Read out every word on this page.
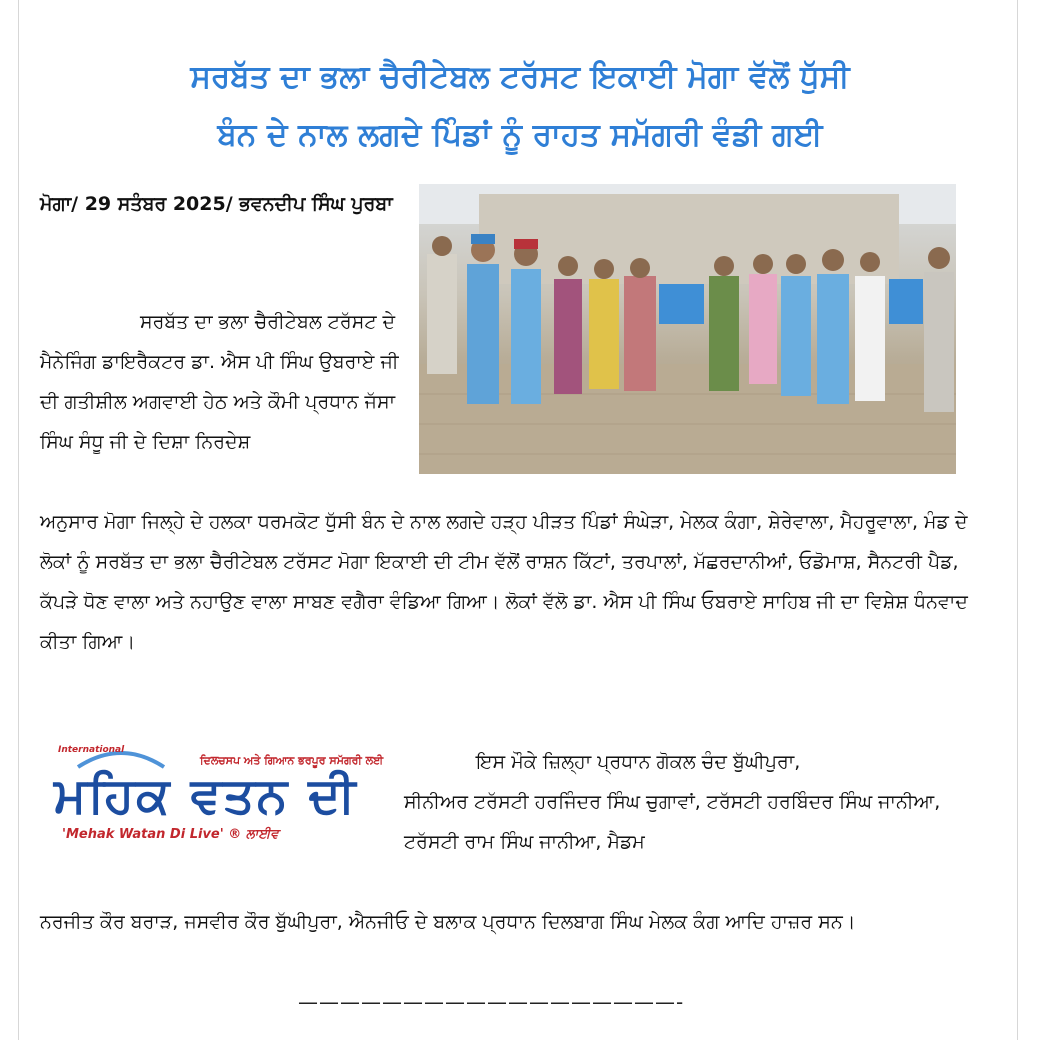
ਸਰਬੱਤ ਦਾ ਭਲਾ ਚੈਰੀਟੇਬਲ ਟਰੱਸਟ ਇਕਾਈ ਮੋਗਾ ਵੱਲੋਂ ਧੁੱਸੀ
ਬੰਨ ਦੇ ਨਾਲ ਲਗਦੇ ਪਿੰਡਾਂ ਨੂੰ ਰਾਹਤ ਸਮੱਗਰੀ ਵੰਡੀ ਗਈ
ਮੋਗਾ/ 29 ਸਤੰਬਰ 2025/ ਭਵਨਦੀਪ ਸਿੰਘ ਪੁਰਬਾ
ਸਰਬੱਤ ਦਾ ਭਲਾ ਚੈਰੀਟੇਬਲ ਟਰੱਸਟ ਦੇ ਮੈਨੇਜਿੰਗ ਡਾਇਰੈਕਟਰ ਡਾ. ਐਸ ਪੀ ਸਿੰਘ ਉਬਰਾਏ ਜੀ ਦੀ ਗਤੀਸ਼ੀਲ ਅਗਵਾਈ ਹੇਠ ਅਤੇ ਕੌਮੀ ਪ੍ਰਧਾਨ ਜੱਸਾ ਸਿੰਘ ਸੰਧੂ ਜੀ ਦੇ ਦਿਸ਼ਾ ਨਿਰਦੇਸ਼
ਅਨੁਸਾਰ ਮੋਗਾ ਜਿਲ੍ਹੇ ਦੇ ਹਲਕਾ ਧਰਮਕੋਟ ਧੁੱਸੀ ਬੰਨ ਦੇ ਨਾਲ ਲਗਦੇ ਹੜ੍ਹ ਪੀੜਤ ਪਿੰਡਾਂ ਸੰਘੇੜਾ, ਮੇਲਕ ਕੰਗਾ, ਸ਼ੇਰੇਵਾਲਾ, ਮੈਹਰੂਵਾਲਾ, ਮੰਡ ਦੇ ਲੋਕਾਂ ਨੂੰ ਸਰਬੱਤ ਦਾ ਭਲਾ ਚੈਰੀਟੇਬਲ ਟਰੱਸਟ ਮੋਗਾ ਇਕਾਈ ਦੀ ਟੀਮ ਵੱਲੋਂ ਰਾਸ਼ਨ ਕਿੱਟਾਂ, ਤਰਪਾਲਾਂ, ਮੱਛਰਦਾਨੀਆਂ, ਓਡੋਮਾਸ਼, ਸੈਨਟਰੀ ਪੈਡ, ਕੱਪੜੇ ਧੋਣ ਵਾਲਾ ਅਤੇ ਨਹਾਉਣ ਵਾਲਾ ਸਾਬਣ ਵਗੈਰਾ ਵੰਡਿਆ ਗਿਆ। ਲੋਕਾਂ ਵੱਲੋ ਡਾ. ਐਸ ਪੀ ਸਿੰਘ ਓਬਰਾਏ ਸਾਹਿਬ ਜੀ ਦਾ ਵਿਸ਼ੇਸ਼ ਧੰਨਵਾਦ ਕੀਤਾ ਗਿਆ।
International
ਦਿਲਚਸਪ ਅਤੇ ਗਿਆਨ ਭਰਪੂਰ ਸਮੱਗਰੀ ਲਈ
ਮਹਿਕ ਵਤਨ ਦੀ
'Mehak Watan Di Live' ® ਲਾਈਵ
ਇਸ ਮੌਕੇ ਜ਼ਿਲ੍ਹਾ ਪ੍ਰਧਾਨ ਗੋਕਲ ਚੰਦ ਬੁੱਘੀਪੁਰਾ,
ਸੀਨੀਅਰ ਟਰੱਸਟੀ ਹਰਜਿੰਦਰ ਸਿੰਘ ਚੁਗਾਵਾਂ, ਟਰੱਸਟੀ ਹਰਬਿੰਦਰ ਸਿੰਘ ਜਾਨੀਆ, ਟਰੱਸਟੀ ਰਾਮ ਸਿੰਘ ਜਾਨੀਆ, ਮੈਡਮ
ਨਰਜੀਤ ਕੌਰ ਬਰਾੜ, ਜਸਵੀਰ ਕੌਰ ਬੁੱਘੀਪੁਰਾ, ਐਨਜੀਓ ਦੇ ਬਲਾਕ ਪ੍ਰਧਾਨ ਦਿਲਬਾਗ ਸਿੰਘ ਮੇਲਕ ਕੰਗ ਆਦਿ ਹਾਜ਼ਰ ਸਨ।
——————————————————-
